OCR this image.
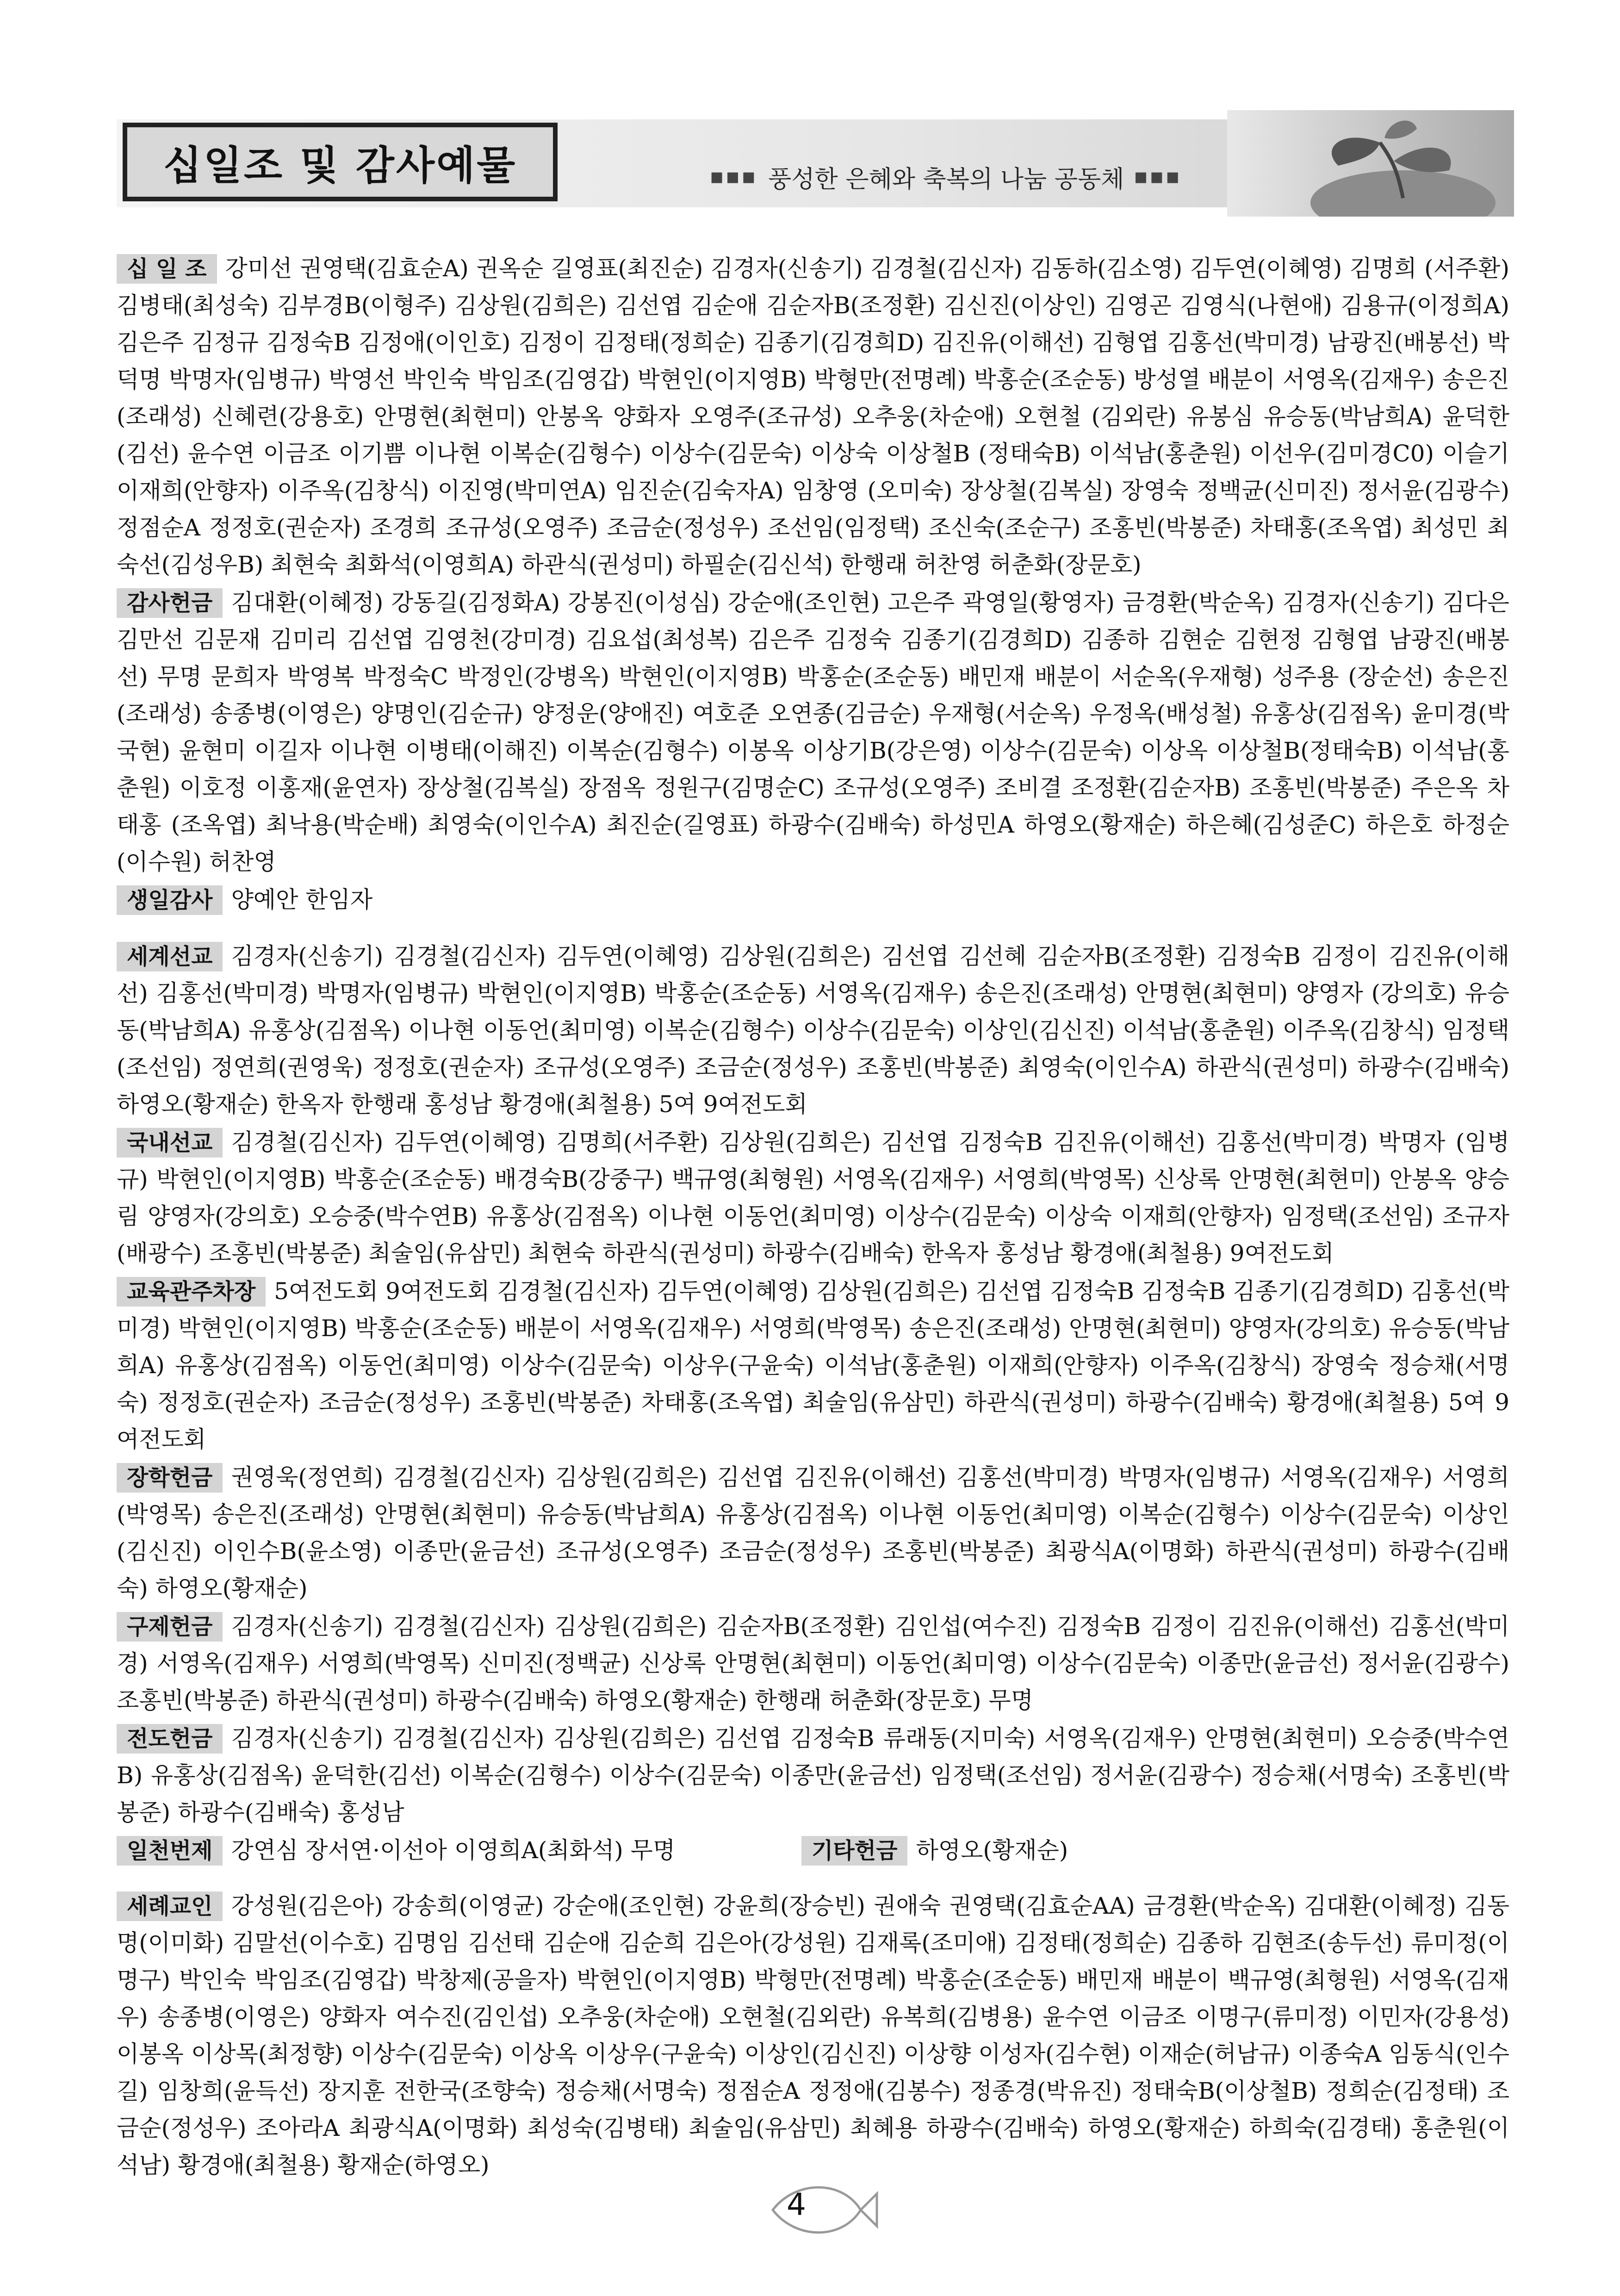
십일조 및 감사예물	■■■ 풍성한 은혜와 축복의 나눔 공동체 ■■■
십 일 조 강미선 권영택(김효순A) 권옥순 길영표(최진순) 김경자(신송기) 김경철(김신자) 김동하(김소영) 김두연(이혜영) 김명희 (서주환) 김병태(최성숙) 김부경B(이형주) 김상원(김희은) 김선엽 김순애 김순자B(조정환) 김신진(이상인) 김영곤 김영식(나현애) 김용규(이정희A) 김은주 김정규 김정숙B 김정애(이인호) 김정이 김정태(정희순) 김종기(김경희D) 김진유(이해선) 김형엽 김홍선(박미경) 남광진(배봉선) 박덕명 박명자(임병규) 박영선 박인숙 박임조(김영갑) 박현인(이지영B) 박형만(전명례) 박홍순(조순동) 방성열 배분이 서영옥(김재우) 송은진(조래성) 신혜련(강용호) 안명현(최현미) 안봉옥 양화자 오영주(조규성) 오추웅(차순애) 오현철 (김외란) 유봉심 유승동(박남희A) 윤덕한(김선) 윤수연 이금조 이기쁨 이나현 이복순(김형수) 이상수(김문숙) 이상숙 이상철B (정태숙B) 이석남(홍춘원) 이선우(김미경C0) 이슬기 이재희(안향자) 이주옥(김창식) 이진영(박미연A) 임진순(김숙자A) 임창영 (오미숙) 장상철(김복실) 장영숙 정백균(신미진) 정서윤(김광수) 정점순A 정정호(권순자) 조경희 조규성(오영주) 조금순(정성우) 조선임(임정택) 조신숙(조순구) 조홍빈(박봉준) 차태홍(조옥엽) 최성민 최숙선(김성우B) 최현숙 최화석(이영희A) 하관식(권성미) 하필순(김신석) 한행래 허찬영 허춘화(장문호)
감사헌금 김대환(이혜정) 강동길(김정화A) 강봉진(이성심) 강순애(조인현) 고은주 곽영일(황영자) 금경환(박순옥) 김경자(신송기) 김다은 김만선 김문재 김미리 김선엽 김영천(강미경) 김요섭(최성복) 김은주 김정숙 김종기(김경희D) 김종하 김현순 김현정 김형엽 남광진(배봉선) 무명 문희자 박영복 박정숙C 박정인(강병옥) 박현인(이지영B) 박홍순(조순동) 배민재 배분이 서순옥(우재형) 성주용 (장순선) 송은진(조래성) 송종병(이영은) 양명인(김순규) 양정운(양애진) 여호준 오연종(김금순) 우재형(서순옥) 우정옥(배성철) 유홍상(김점옥) 윤미경(박국현) 윤현미 이길자 이나현 이병태(이해진) 이복순(김형수) 이봉옥 이상기B(강은영) 이상수(김문숙) 이상옥 이상철B(정태숙B) 이석남(홍춘원) 이호정 이홍재(윤연자) 장상철(김복실) 장점옥 정원구(김명순C) 조규성(오영주) 조비결 조정환(김순자B) 조홍빈(박봉준) 주은옥 차태홍 (조옥엽) 최낙용(박순배) 최영숙(이인수A) 최진순(길영표) 하광수(김배숙) 하성민A 하영오(황재순) 하은혜(김성준C) 하은호 하정순(이수원) 허찬영
생일감사 양예안 한임자
세계선교 김경자(신송기) 김경철(김신자) 김두연(이혜영) 김상원(김희은) 김선엽 김선혜 김순자B(조정환) 김정숙B 김정이 김진유(이해선) 김홍선(박미경) 박명자(임병규) 박현인(이지영B) 박홍순(조순동) 서영옥(김재우) 송은진(조래성) 안명현(최현미) 양영자 (강의호) 유승동(박남희A) 유홍상(김점옥) 이나현 이동언(최미영) 이복순(김형수) 이상수(김문숙) 이상인(김신진) 이석남(홍춘원) 이주옥(김창식) 임정택(조선임) 정연희(권영욱) 정정호(권순자) 조규성(오영주) 조금순(정성우) 조홍빈(박봉준) 최영숙(이인수A) 하관식(권성미) 하광수(김배숙) 하영오(황재순) 한옥자 한행래 홍성남 황경애(최철용) 5여 9여전도회
국내선교 김경철(김신자) 김두연(이혜영) 김명희(서주환) 김상원(김희은) 김선엽 김정숙B 김진유(이해선) 김홍선(박미경) 박명자 (임병규) 박현인(이지영B) 박홍순(조순동) 배경숙B(강중구) 백규영(최형원) 서영옥(김재우) 서영희(박영목) 신상록 안명현(최현미) 안봉옥 양승림 양영자(강의호) 오승중(박수연B) 유홍상(김점옥) 이나현 이동언(최미영) 이상수(김문숙) 이상숙 이재희(안향자) 임정택(조선임) 조규자(배광수) 조홍빈(박봉준) 최술임(유삼민) 최현숙 하관식(권성미) 하광수(김배숙) 한옥자 홍성남 황경애(최철용) 9여전도회
교육관주차장 5여전도회 9여전도회 김경철(김신자) 김두연(이혜영) 김상원(김희은) 김선엽 김정숙B 김정숙B 김종기(김경희D) 김홍선(박미경) 박현인(이지영B) 박홍순(조순동) 배분이 서영옥(김재우) 서영희(박영목) 송은진(조래성) 안명현(최현미) 양영자(강의호) 유승동(박남희A) 유홍상(김점옥) 이동언(최미영) 이상수(김문숙) 이상우(구윤숙) 이석남(홍춘원) 이재희(안향자) 이주옥(김창식) 장영숙 정승채(서명숙) 정정호(권순자) 조금순(정성우) 조홍빈(박봉준) 차태홍(조옥엽) 최술임(유삼민) 하관식(권성미) 하광수(김배숙) 황경애(최철용) 5여 9여전도회
장학헌금 권영욱(정연희) 김경철(김신자) 김상원(김희은) 김선엽 김진유(이해선) 김홍선(박미경) 박명자(임병규) 서영옥(김재우) 서영희(박영목) 송은진(조래성) 안명현(최현미) 유승동(박남희A) 유홍상(김점옥) 이나현 이동언(최미영) 이복순(김형수) 이상수(김문숙) 이상인(김신진) 이인수B(윤소영) 이종만(윤금선) 조규성(오영주) 조금순(정성우) 조홍빈(박봉준) 최광식A(이명화) 하관식(권성미) 하광수(김배숙) 하영오(황재순)
구제헌금 김경자(신송기) 김경철(김신자) 김상원(김희은) 김순자B(조정환) 김인섭(여수진) 김정숙B 김정이 김진유(이해선) 김홍선(박미경) 서영옥(김재우) 서영희(박영목) 신미진(정백균) 신상록 안명현(최현미) 이동언(최미영) 이상수(김문숙) 이종만(윤금선) 정서윤(김광수) 조홍빈(박봉준) 하관식(권성미) 하광수(김배숙) 하영오(황재순) 한행래 허춘화(장문호) 무명
전도헌금 김경자(신송기) 김경철(김신자) 김상원(김희은) 김선엽 김정숙B 류래동(지미숙) 서영옥(김재우) 안명현(최현미) 오승중(박수연B) 유홍상(김점옥) 윤덕한(김선) 이복순(김형수) 이상수(김문숙) 이종만(윤금선) 임정택(조선임) 정서윤(김광수) 정승채(서명숙) 조홍빈(박봉준) 하광수(김배숙) 홍성남
일천번제 강연심 장서연·이선아 이영희A(최화석) 무명	기타헌금 하영오(황재순)
세례교인 강성원(김은아) 강송희(이영균) 강순애(조인현) 강윤희(장승빈) 권애숙 권영택(김효순AA) 금경환(박순옥) 김대환(이혜정) 김동명(이미화) 김말선(이수호) 김명임 김선태 김순애 김순희 김은아(강성원) 김재록(조미애) 김정태(정희순) 김종하 김현조(송두선) 류미정(이명구) 박인숙 박임조(김영갑) 박창제(공을자) 박현인(이지영B) 박형만(전명례) 박홍순(조순동) 배민재 배분이 백규영(최형원) 서영옥(김재우) 송종병(이영은) 양화자 여수진(김인섭) 오추웅(차순애) 오현철(김외란) 유복희(김병용) 윤수연 이금조 이명구(류미정) 이민자(강용성) 이봉옥 이상목(최정향) 이상수(김문숙) 이상옥 이상우(구윤숙) 이상인(김신진) 이상향 이성자(김수현) 이재순(허남규) 이종숙A 임동식(인수길) 임창희(윤득선) 장지훈 전한국(조향숙) 정승채(서명숙) 정점순A 정정애(김봉수) 정종경(박유진) 정태숙B(이상철B) 정희순(김정태) 조금순(정성우) 조아라A 최광식A(이명화) 최성숙(김병태) 최술임(유삼민) 최혜용 하광수(김배숙) 하영오(황재순) 하희숙(김경태) 홍춘원(이석남) 황경애(최철용) 황재순(하영오)
4
